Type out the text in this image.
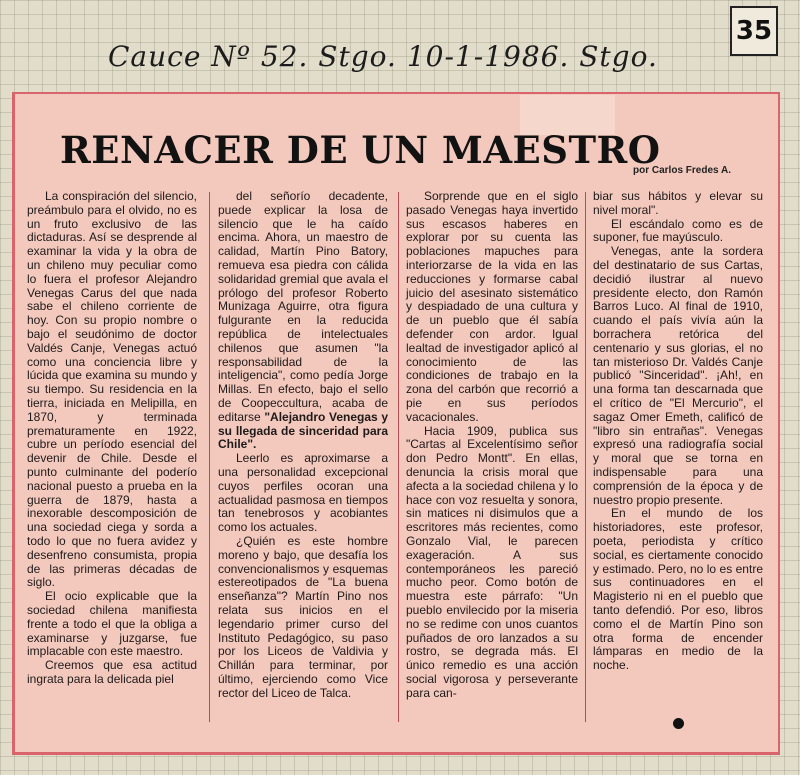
35
Cauce Nº 52. Stgo. 10-1-1986. Stgo.
RENACER DE UN MAESTRO
por Carlos Fredes A.

La conspiración del silencio, preámbulo para el olvido, no es un fruto exclusivo de las dictaduras. Así se desprende al examinar la vida y la obra de un chileno muy peculiar como lo fuera el profesor Alejandro Venegas Carus del que nada sabe el chileno corriente de hoy. Con su propio nombre o bajo el seudónimo de doctor Valdés Canje, Venegas actuó como una conciencia libre y lúcida que examina su mundo y su tiempo. Su residencia en la tierra, iniciada en Melipilla, en 1870, y terminada prematuramente en 1922, cubre un período esencial del devenir de Chile. Desde el punto culminante del poderío nacional puesto a prueba en la guerra de 1879, hasta a inexorable descomposición de una sociedad ciega y sorda a todo lo que no fuera avidez y desenfreno consumista, propia de las primeras décadas de siglo.

El ocio explicable que la sociedad chilena manifiesta frente a todo el que la obliga a examinarse y juzgarse, fue implacable con este maestro.

Creemos que esa actitud ingrata para la delicada piel

del señorío decadente, puede explicar la losa de silencio que le ha caído encima. Ahora, un maestro de calidad, Martín Pino Batory, remueva esa piedra con cálida solidaridad gremial que avala el prólogo del profesor Roberto Munizaga Aguirre, otra figura fulgurante en la reducida república de intelectuales chilenos que asumen "la responsabilidad de la inteligencia", como pedía Jorge Millas. En efecto, bajo el sello de Coopeccultura, acaba de editarse "Alejandro Venegas y su llegada de sinceridad para Chile".

Leerlo es aproximarse a una personalidad excepcional cuyos perfiles ocoran una actualidad pasmosa en tiempos tan tenebrosos y acobiantes como los actuales.

¿Quién es este hombre moreno y bajo, que desafía los convencionalismos y esquemas estereotipados de "La buena enseñanza"? Martín Pino nos relata sus inicios en el legendario primer curso del Instituto Pedagógico, su paso por los Liceos de Valdivia y Chillán para terminar, por último, ejerciendo como Vice rector del Liceo de Talca.

Sorprende que en el siglo pasado Venegas haya invertido sus escasos haberes en explorar por su cuenta las poblaciones mapuches para interiorzarse de la vida en las reducciones y formarse cabal juicio del asesinato sistemático y despiadado de una cultura y de un pueblo que él sabía defender con ardor. Igual lealtad de investigador aplicó al conocimiento de las condiciones de trabajo en la zona del carbón que recorrió a pie en sus períodos vacacionales.

Hacia 1909, publica sus "Cartas al Excelentísimo señor don Pedro Montt". En ellas, denuncia la crisis moral que afecta a la sociedad chilena y lo hace con voz resuelta y sonora, sin matices ni disimulos que a escritores más recientes, como Gonzalo Vial, le parecen exageración. A sus contemporáneos les pareció mucho peor. Como botón de muestra este párrafo: "Un pueblo envilecido por la miseria no se redime con unos cuantos puñados de oro lanzados a su rostro, se degrada más. El único remedio es una acción social vigorosa y perseverante para can-

biar sus hábitos y elevar su nivel moral".

El escándalo como es de suponer, fue mayúsculo.

Venegas, ante la sordera del destinatario de sus Cartas, decidió ilustrar al nuevo presidente electo, don Ramón Barros Luco. Al final de 1910, cuando el país vivía aún la borrachera retórica del centenario y sus glorias, el no tan misterioso Dr. Valdés Canje publicó "Sinceridad". ¡Ah!, en una forma tan descarnada que el crítico de "El Mercurio", el sagaz Omer Emeth, calificó de "libro sin entrañas". Venegas expresó una radiografía social y moral que se torna en indispensable para una comprensión de la época y de nuestro propio presente.

En el mundo de los historiadores, este profesor, poeta, periodista y crítico social, es ciertamente conocido y estimado. Pero, no lo es entre sus continuadores en el Magisterio ni en el pueblo que tanto defendió. Por eso, libros como el de Martín Pino son otra forma de encender lámparas en medio de la noche.
